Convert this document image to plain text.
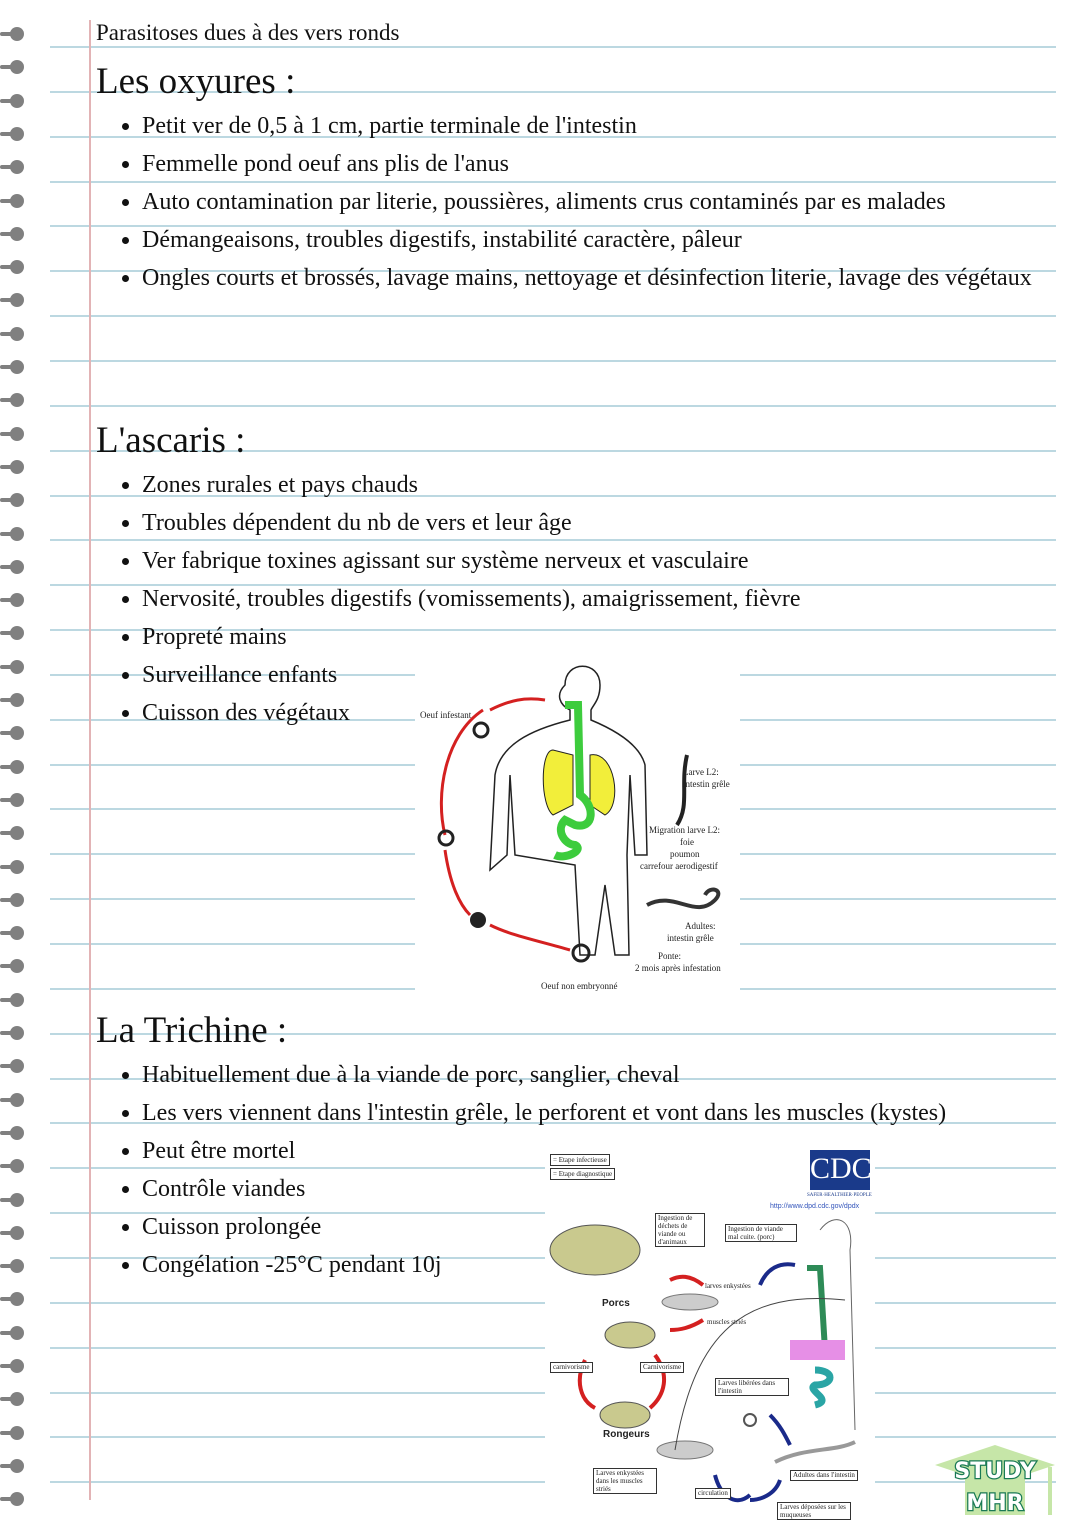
Parasitoses dues à des vers ronds
Les oxyures :
• Petit ver de 0,5 à 1 cm, partie terminale de l'intestin
• Femmelle pond oeuf ans plis de l'anus
• Auto contamination par literie, poussières, aliments crus contaminés par es malades
• Démangeaisons, troubles digestifs, instabilité caractère, pâleur
• Ongles courts et brossés, lavage mains, nettoyage et désinfection literie, lavage des végétaux
L'ascaris :
• Zones rurales et pays chauds
• Troubles dépendent du nb de vers et leur âge
• Ver fabrique toxines agissant sur système nerveux et vasculaire
• Nervosité, troubles digestifs (vomissements), amaigrissement, fièvre
• Propreté mains
• Surveillance enfants
• Cuisson des végétaux
La Trichine :
• Habituellement due à la viande de porc, sanglier, cheval
• Les vers viennent dans l'intestin grêle, le perforent et vont dans les muscles (kystes)
• Peut être mortel
• Contrôle viandes
• Cuisson prolongée
• Congélation -25°C pendant 10j
Oeuf infestant
Larve L2:
intestin grêle
Migration larve L2:
foie
poumon
carrefour aerodigestif
Adultes:
intestin grêle
Ponte:
2 mois après infestation
Oeuf non embryonné
= Etape infectieuse
= Etape diagnostique	CDC
SAFER·HEALTHIER·PEOPLE
http://www.dpd.cdc.gov/dpdx
Ingestion de déchets de viande ou d'animaux
Ingestion de viande mal cuite. (porc)
larves enkystées
muscles striés
Porcs
Rongeurs
carnivorisme	Carnivorisme
Larves libérées dans l'intestin
Larves enkystées dans les muscles striés	circulation
Adultes dans l'intestin
Larves déposées sur les muqueuses
STUDY
MHR
